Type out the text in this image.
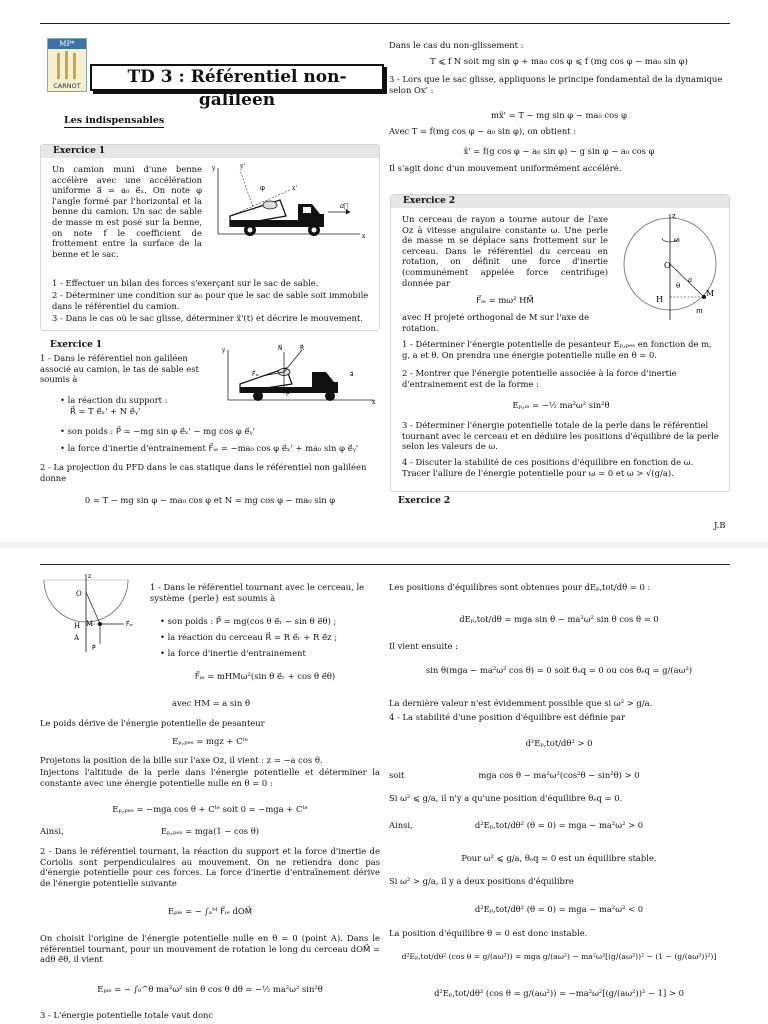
MP*
CARNOT	TD 3 : Référentiel non-galiléen
Les indispensables
Exercice 1
Un camion muni d'une benne accélère avec une accélération uniforme a⃗ = a₀ e⃗ₓ. On note φ l'angle formé par l'horizontal et la benne du camion. Un sac de sable de masse m est posé sur la benne, on note f le coefficient de frottement entre la surface de la benne et le sac.
a⃗
x
y	y'
x'
φ
1 - Effectuer un bilan des forces s'exerçant sur le sac de sable.
2 - Déterminer une condition sur a₀ pour que le sac de sable soit immobile dans le référentiel du camion.
3 - Dans le cas où le sac glisse, déterminer ẍ'(t) et décrire le mouvement.
Exercice 1
1 - Dans le référentiel non galiléen associé au camion, le tas de sable est soumis à
N⃗	R⃗
F⃗ᵢₑ
P⃗
a⃗
y
x
• la réaction du support :
R⃗ = T e⃗ₓ' + N e⃗ᵧ'
• son poids : P⃗ = −mg sin φ e⃗ₓ' − mg cos φ e⃗ᵧ'
• la force d'inertie d'entrainement F⃗ᵢₑ = −ma₀ cos φ e⃗ₓ' + ma₀ sin φ e⃗ᵧ'
2 - La projection du PFD dans le cas statique dans le référentiel non galiléen donne
0 = T − mg sin φ − ma₀ cos φ et N = mg cos φ − ma₀ sin φ
Dans le cas du non-glissement :
T ⩽ f N soit mg sin φ + ma₀ cos φ ⩽ f (mg cos φ − ma₀ sin φ)
3 - Lors que le sac glisse, appliquons le principe fondamental de la dynamique selon Ox' :
mẍ' = T − mg sin φ − ma₀ cos φ
Avec T = f(mg cos φ − a₀ sin φ), on obtient :
ẍ' = f(g cos φ − a₀ sin φ) − g sin φ − a₀ cos φ
Il s'agit donc d'un mouvement uniformément accéléré.
Exercice 2
Un cerceau de rayon a tourne autour de l'axe Oz à vitesse angulaire constante ω. Une perle de masse m se déplace sans frottement sur le cerceau. Dans le référentiel du cerceau en rotation, on définit une force d'inertie (communément appelée force centrifuge) donnée par
F⃗ᵢₑ = mω² HM⃗
avec H projeté orthogonal de M sur l'axe de rotation.
O
H
M
a
θ
z
ω
m
1 - Déterminer l'énergie potentielle de pesanteur Eₚ,ₚₑₛ en fonction de m, g, a et θ. On prendra une énergie potentielle nulle en θ = 0.
2 - Montrer que l'énergie potentielle associée à la force d'inertie d'entrainement est de la forme :
Eₚ,ᵢₑ = −½ ma²ω² sin²θ
3 - Déterminer l'énergie potentielle totale de la perle dans le référentiel tournant avec le cerceau et en déduire les positions d'équilibre de la perle selon les valeurs de ω.
4 - Discuter la stabilité de ces positions d'équilibre en fonction de ω. Tracer l'allure de l'énergie potentielle pour ω = 0 et ω > √(g/a).
Exercice 2
J.B
O
H M
A
F⃗ᵢₑ
P⃗
z
1 - Dans le référentiel tournant avec le cerceau, le système {perle} est soumis à
• son poids : P⃗ = mg(cos θ e⃗ᵣ − sin θ e⃗θ) ;
• la réaction du cerceau R⃗ = R e⃗ᵣ + R e⃗z ;
• la force d'inertie d'entrainement
F⃗ᵢₑ = mHMω²(sin θ e⃗ᵣ + cos θ e⃗θ)
avec HM = a sin θ
Le poids dérive de l'énergie potentielle de pesanteur
Eₚ,ₚₑₛ = mgz + Cᵗᵉ
Projetons la position de la bille sur l'axe Oz, il vient : z = −a cos θ.
Injectons l'altitude de la perle dans l'énergie potentielle et déterminer la constante avec une énergie potentielle nulle en θ = 0 :
Eₚ,ₚₑₛ = −mga cos θ + Cᵗᵉ soit 0 = −mga + Cᵗᵉ
Ainsi,	Eₚ,ₚₑₛ = mga(1 − cos θ)
2 - Dans le référentiel tournant, la réaction du support et la force d'inertie de Coriolis sont perpendiculaires au mouvement. On ne retiendra donc pas d'énergie potentielle pour ces forces. La force d'inertie d'entraînement dérive de l'énergie potentielle suivante
Eₚᵢₑ = − ∫ₐᴹ F⃗ᵢₑ dOM⃗
On choisit l'origine de l'énergie potentielle nulle en θ = 0 (point A). Dans le référentiel tournant, pour un mouvement de rotation le long du cerceau dOM⃗ = adθ e⃗θ, il vient
Eₚᵢₑ = − ∫₀^θ ma²ω² sin θ cos θ dθ = −½ ma²ω² sin²θ
3 - L'énergie potentielle totale vaut donc
Les positions d'équilibres sont obtenues pour dEₚ,tot/dθ = 0 :
dEₚ,tot/dθ = mga sin θ − ma²ω² sin θ cos θ = 0
Il vient ensuite :
sin θ(mga − ma²ω² cos θ) = 0 soit θₑq = 0 ou cos θₑq = g/(aω²)
La dernière valeur n'est évidemment possible que si ω² > g/a.
4 - La stabilité d'une position d'équilibre est définie par
d²Eₚ,tot/dθ² > 0
soit	mga cos θ − ma²ω²(cos²θ − sin²θ) > 0
Si ω² ⩽ g/a, il n'y a qu'une position d'équilibre θₑq = 0.
Ainsi,	d²Eₚ,tot/dθ² (θ = 0) = mga − ma²ω² > 0
Pour ω² ⩽ g/a, θₑq = 0 est un équilibre stable.
Si ω² > g/a, il y a deux positions d'équilibre
d²Eₚ,tot/dθ² (θ = 0) = mga − ma²ω² < 0
La position d'équilibre θ = 0 est donc instable.
d²Eₚ,tot/dθ² (cos θ = g/(aω²)) = mga g/(aω²) − ma²ω²[(g/(aω²))² − (1 − (g/(aω²))²)]
d²Eₚ,tot/dθ² (cos θ = g/(aω²)) = −ma²ω²[(g/(aω²))² − 1] > 0
